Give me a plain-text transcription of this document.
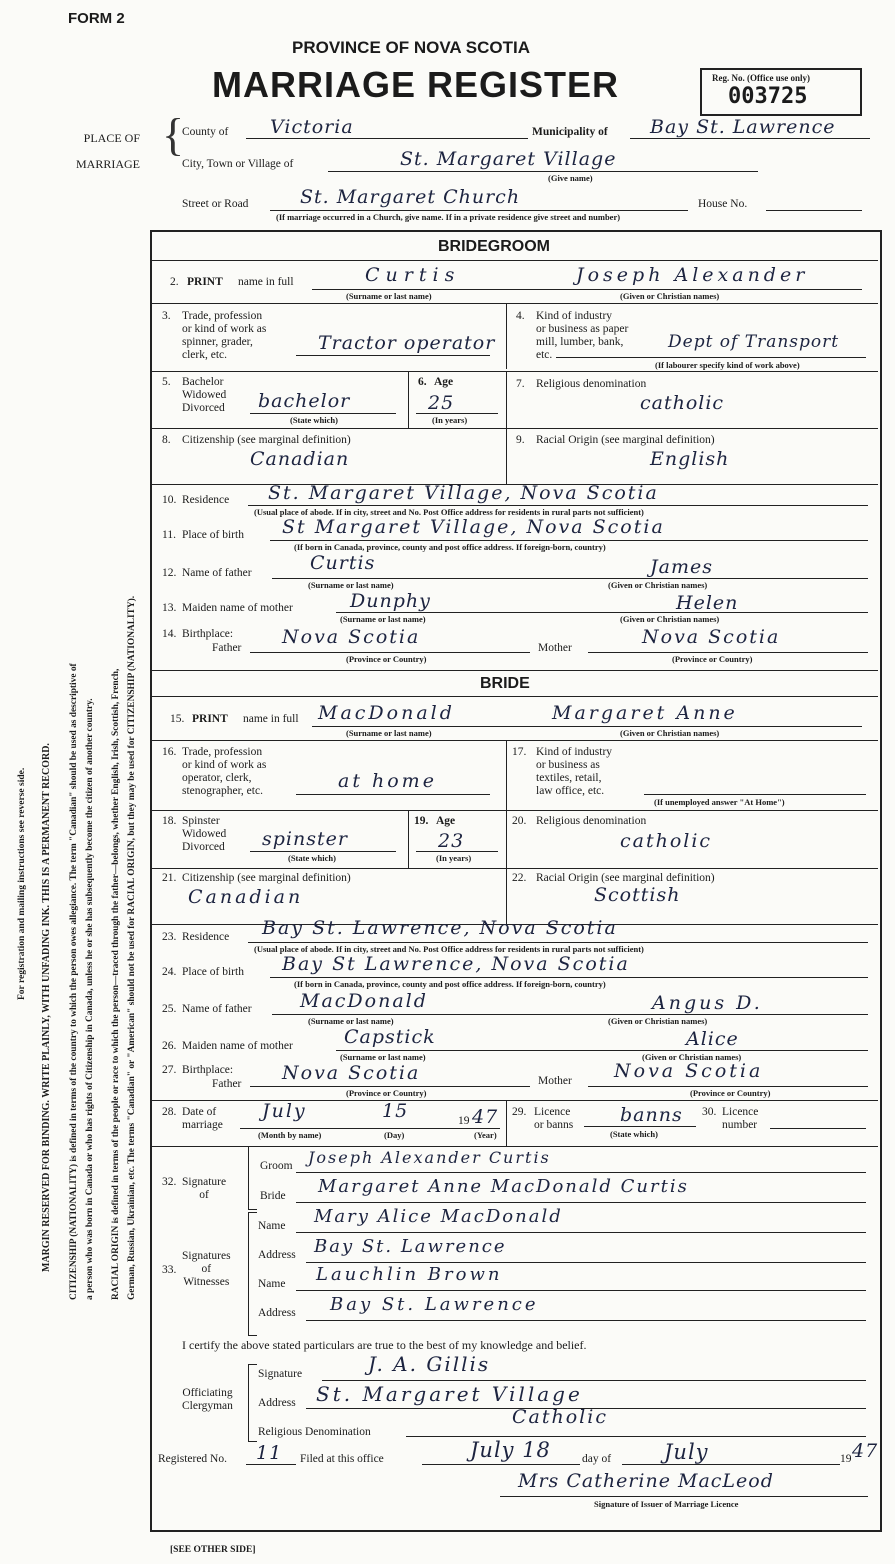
FORM 2
PROVINCE OF NOVA SCOTIA
MARRIAGE REGISTER	Reg. No. (Office use only)
003725
PLACE OF
MARRIAGE
{
County of Victoria	Municipality of Bay St. Lawrence
City, Town or Village of	St. Margaret Village
(Give name)
Street or Road	St. Margaret Church	House No.
(If marriage occurred in a Church, give name. If in a private residence give street and number)
For registration and mailing instructions see reverse side. MARGIN RESERVED FOR BINDING. WRITE PLAINLY, WITH UNFADING INK. THIS IS A PERMANENT RECORD. CITIZENSHIP (NATIONALITY) is defined in terms of the country to which the person owes allegiance. The term "Canadian" should be used as descriptive of a person who was born in Canada or who has rights of Citizenship in Canada, unless he or she has subsequently become the citizen of another country. RACIAL ORIGIN is defined in terms of the people or race to which the person—traced through the father—belongs, whether English, Irish, Scottish, French, German, Russian, Ukrainian, etc. The terms "Canadian" or "American" should not be used for RACIAL ORIGIN, but they may be used for CITIZENSHIP (NATIONALITY).
BRIDEGROOM
2. PRINT name in full	Curtis	Joseph Alexander
(Surname or last name)	(Given or Christian names)
3. Trade, profession
or kind of work as
spinner, grader,
clerk, etc.
Tractor operator
4. Kind of industry
or business as paper
mill, lumber, bank,
etc.
Dept of Transport
(If labourer specify kind of work above)
5. Bachelor
Widowed
Divorced bachelor
(State which)
6. Age
25
(In years)
7. Religious denomination
catholic
8. Citizenship (see marginal definition)
Canadian
9. Racial Origin (see marginal definition)
English
10. Residence St. Margaret Village, Nova Scotia
(Usual place of abode. If in city, street and No. Post Office address for residents in rural parts not sufficient)
11. Place of birth St Margaret Village, Nova Scotia
(If born in Canada, province, county and post office address. If foreign-born, country)
12. Name of father	Curtis	James
(Surname or last name)	(Given or Christian names)
13. Maiden name of mother	Dunphy	Helen
(Surname or last name)	(Given or Christian names)
14. Birthplace:
Father Nova Scotia
(Province or Country)
Mother	Nova Scotia
(Province or Country)
BRIDE
15. PRINT name in full MacDonald	Margaret Anne
(Surname or last name)	(Given or Christian names)
16. Trade, profession
or kind of work as
operator, clerk,
stenographer, etc.	at home
17. Kind of industry
or business as
textiles, retail,
law office, etc.
(If unemployed answer "At Home")
18. Spinster
Widowed
Divorced spinster
(State which)
19. Age
23
(In years)
20. Religious denomination
catholic
21. Citizenship (see marginal definition)
Canadian
22. Racial Origin (see marginal definition)
Scottish
23. Residence Bay St. Lawrence, Nova Scotia
(Usual place of abode. If in city, street and No. Post Office address for residents in rural parts not sufficient)
24. Place of birth Bay St Lawrence, Nova Scotia
(If born in Canada, province, county and post office address. If foreign-born, country)
25. Name of father	MacDonald	Angus D.
(Surname or last name)	(Given or Christian names)
26. Maiden name of mother	Capstick	Alice
(Surname or last name)	(Given or Christian names)
27. Birthplace:
Father Nova Scotia
(Province or Country)
Mother Nova Scotia
(Province or Country)
28. Date of
marriage
July	15	19 47
(Month by name)	(Day)	(Year)
29. Licence
or banns banns
(State which)
30. Licence
number
32. Signature
of
Groom Joseph Alexander Curtis
Bride Margaret Anne MacDonald Curtis
33.
Signatures
of
Witnesses
Name Mary Alice MacDonald
Address Bay St. Lawrence
Name Lauchlin Brown
Address Bay St. Lawrence
I certify the above stated particulars are true to the best of my knowledge and belief.
Officiating
Clergyman
Signature	J. A. Gillis
Address St. Margaret Village
Religious Denomination
Catholic
Registered No. 11 Filed at this office	July 18	day of	July	19 47
Mrs Catherine MacLeod
Signature of Issuer of Marriage Licence
[SEE OTHER SIDE]
